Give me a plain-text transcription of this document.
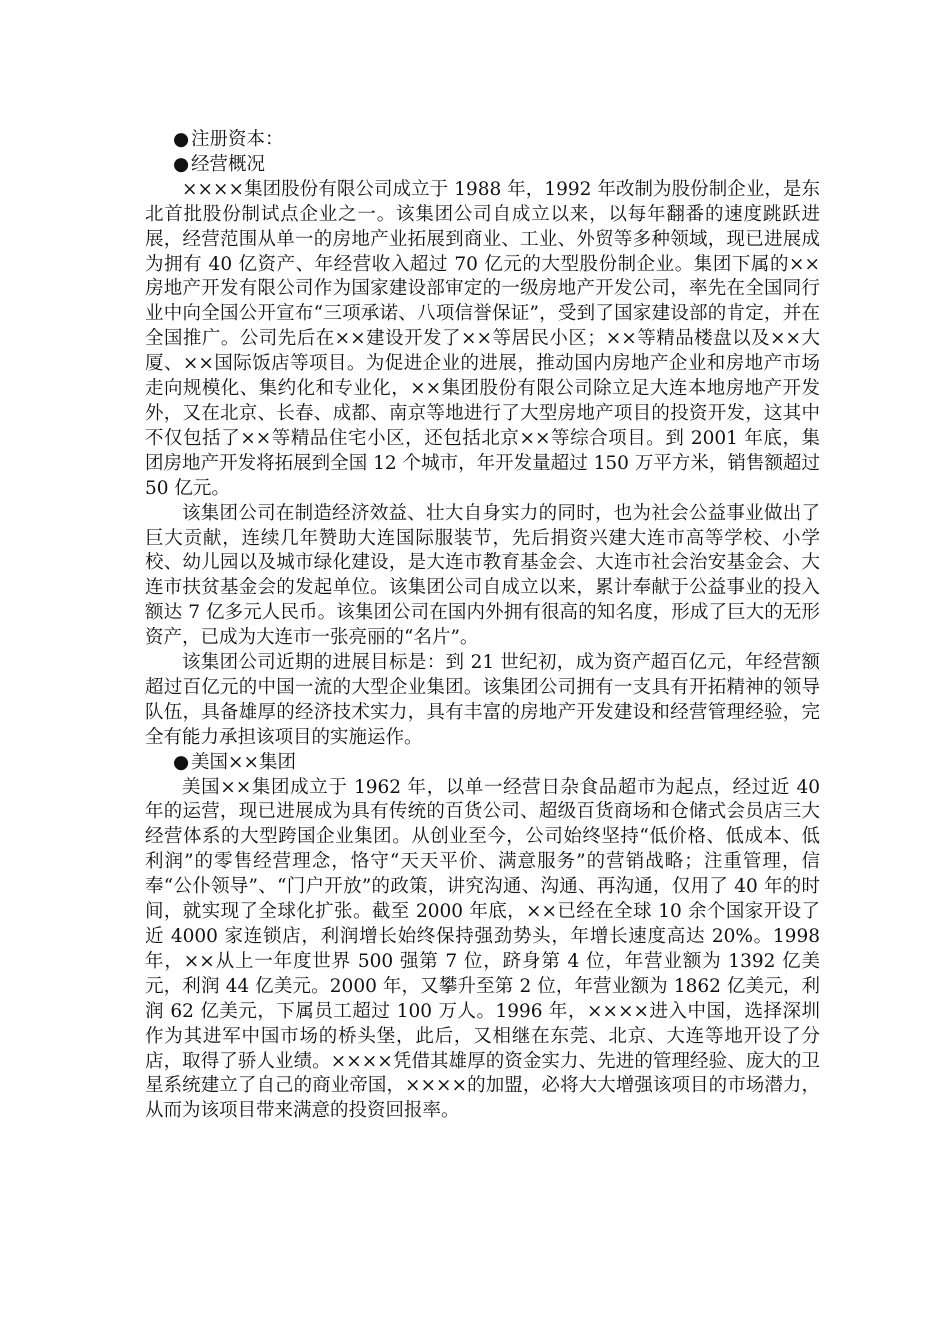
●注册资本：
●经营概况

××××集团股份有限公司成立于 1988 年，1992 年改制为股份制企业，是东北首批股份制试点企业之一。该集团公司自成立以来，以每年翻番的速度跳跃进展，经营范围从单一的房地产业拓展到商业、工业、外贸等多种领域，现已进展成为拥有 40 亿资产、年经营收入超过 70 亿元的大型股份制企业。集团下属的××房地产开发有限公司作为国家建设部审定的一级房地产开发公司，率先在全国同行业中向全国公开宣布“三项承诺、八项信誉保证”，受到了国家建设部的肯定，并在全国推广。公司先后在××建设开发了××等居民小区；××等精品楼盘以及××大厦、××国际饭店等项目。为促进企业的进展，推动国内房地产企业和房地产市场走向规模化、集约化和专业化，××集团股份有限公司除立足大连本地房地产开发外，又在北京、长春、成都、南京等地进行了大型房地产项目的投资开发，这其中不仅包括了××等精品住宅小区，还包括北京××等综合项目。到 2001 年底，集团房地产开发将拓展到全国 12 个城市，年开发量超过 150 万平方米，销售额超过 50 亿元。

该集团公司在制造经济效益、壮大自身实力的同时，也为社会公益事业做出了巨大贡献，连续几年赞助大连国际服装节，先后捐资兴建大连市高等学校、小学校、幼儿园以及城市绿化建设，是大连市教育基金会、大连市社会治安基金会、大连市扶贫基金会的发起单位。该集团公司自成立以来，累计奉献于公益事业的投入额达 7 亿多元人民币。该集团公司在国内外拥有很高的知名度，形成了巨大的无形资产，已成为大连市一张亮丽的“名片”。

该集团公司近期的进展目标是：到 21 世纪初，成为资产超百亿元，年经营额超过百亿元的中国一流的大型企业集团。该集团公司拥有一支具有开拓精神的领导队伍，具备雄厚的经济技术实力，具有丰富的房地产开发建设和经营管理经验，完全有能力承担该项目的实施运作。

●美国××集团

美国××集团成立于 1962 年，以单一经营日杂食品超市为起点，经过近 40 年的运营，现已进展成为具有传统的百货公司、超级百货商场和仓储式会员店三大经营体系的大型跨国企业集团。从创业至今，公司始终坚持“低价格、低成本、低利润”的零售经营理念，恪守“天天平价、满意服务”的营销战略；注重管理，信奉“公仆领导”、“门户开放”的政策，讲究沟通、沟通、再沟通，仅用了 40 年的时间，就实现了全球化扩张。截至 2000 年底，××已经在全球 10 余个国家开设了近 4000 家连锁店，利润增长始终保持强劲势头，年增长速度高达 20%。1998 年，××从上一年度世界 500 强第 7 位，跻身第 4 位，年营业额为 1392 亿美元，利润 44 亿美元。2000 年，又攀升至第 2 位，年营业额为 1862 亿美元，利润 62 亿美元，下属员工超过 100 万人。1996 年，××××进入中国，选择深圳作为其进军中国市场的桥头堡，此后，又相继在东莞、北京、大连等地开设了分店，取得了骄人业绩。××××凭借其雄厚的资金实力、先进的管理经验、庞大的卫星系统建立了自己的商业帝国，××××的加盟，必将大大增强该项目的市场潜力，从而为该项目带来满意的投资回报率。
